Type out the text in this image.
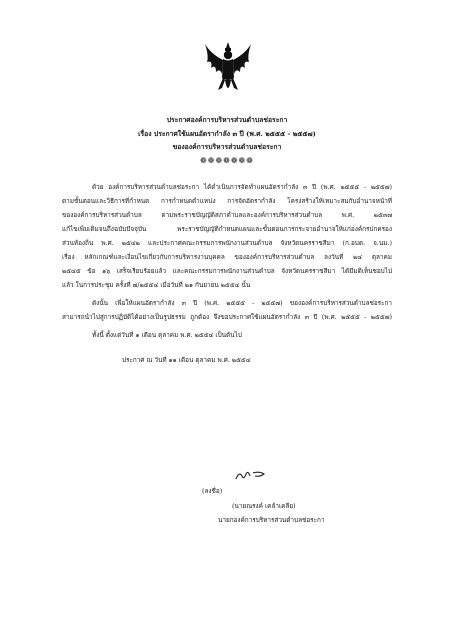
ประกาศองค์การบริหารส่วนตำบลช่อระกา
เรื่อง ประกาศใช้แผนอัตรากำลัง ๓ ปี (พ.ศ. ๒๕๕๕ - ๒๕๕๗)
ขององค์การบริหารส่วนตำบลช่อระกา
❁❁❁❁❁❁❁
ด้วย องค์การบริหารส่วนตำบลช่อระกา ได้ดำเนินการจัดทำแผนอัตรากำลัง ๓ ปี (พ.ศ. ๒๕๕๕ - ๒๕๕๗)
ตามขั้นตอนและวิธีการที่กำหนด การกำหนดตำแหน่ง การจัดอัตรากำลัง โครงสร้างให้เหมาะสมกับอำนาจหน้าที่
ขององค์การบริหารส่วนตำบล ตามพระราชบัญญัติสภาตำบลและองค์การบริหารส่วนตำบล พ.ศ. ๒๕๓๗
แก้ไขเพิ่มเติมจนถึงฉบับปัจจุบัน พระราชบัญญัติกำหนดแผนและขั้นตอนการกระจายอำนาจให้แก่องค์กรปกครอง
ส่วนท้องถิ่น พ.ศ. ๒๕๔๒ และประกาศคณะกรรมการพนักงานส่วนตำบล จังหวัดนครราชสีมา (ก.อบต. จ.นม.)
เรื่อง หลักเกณฑ์และเงื่อนไขเกี่ยวกับการบริหารงานบุคคล ขององค์การบริหารส่วนตำบล ลงวันที่ ๒๔ ตุลาคม
๒๕๔๕ ข้อ ๑๖ เสร็จเรียบร้อยแล้ว และคณะกรรมการพนักงานส่วนตำบล จังหวัดนครราชสีมา ได้มีมติเห็นชอบไป
แล้ว ในการประชุม ครั้งที่ ๗/๒๕๕๔ เมื่อวันที่ ๒๑ กันยายน ๒๕๕๔ นั้น
ดังนั้น เพื่อให้แผนอัตรากำลัง ๓ ปี (พ.ศ. ๒๕๕๕ - ๒๕๕๗) ขององค์การบริหารส่วนตำบลช่อระกา
สามารถนำไปสู่การปฏิบัติได้อย่างเป็นรูปธรรม ถูกต้อง จึงขอประกาศใช้แผนอัตรากำลัง ๓ ปี (พ.ศ. ๒๕๕๕ - ๒๕๕๗)
ทั้งนี้ ตั้งแต่วันที่ ๑ เดือน ตุลาคม พ.ศ. ๒๕๕๔ เป็นต้นไป
ประกาศ ณ วันที่ ๑๑ เดือน ตุลาคม พ.ศ. ๒๕๕๔
(ลงชื่อ)
(นายณรงค์ เคล้าเคลีย)
นายกองค์การบริหารส่วนตำบลช่อระกา
